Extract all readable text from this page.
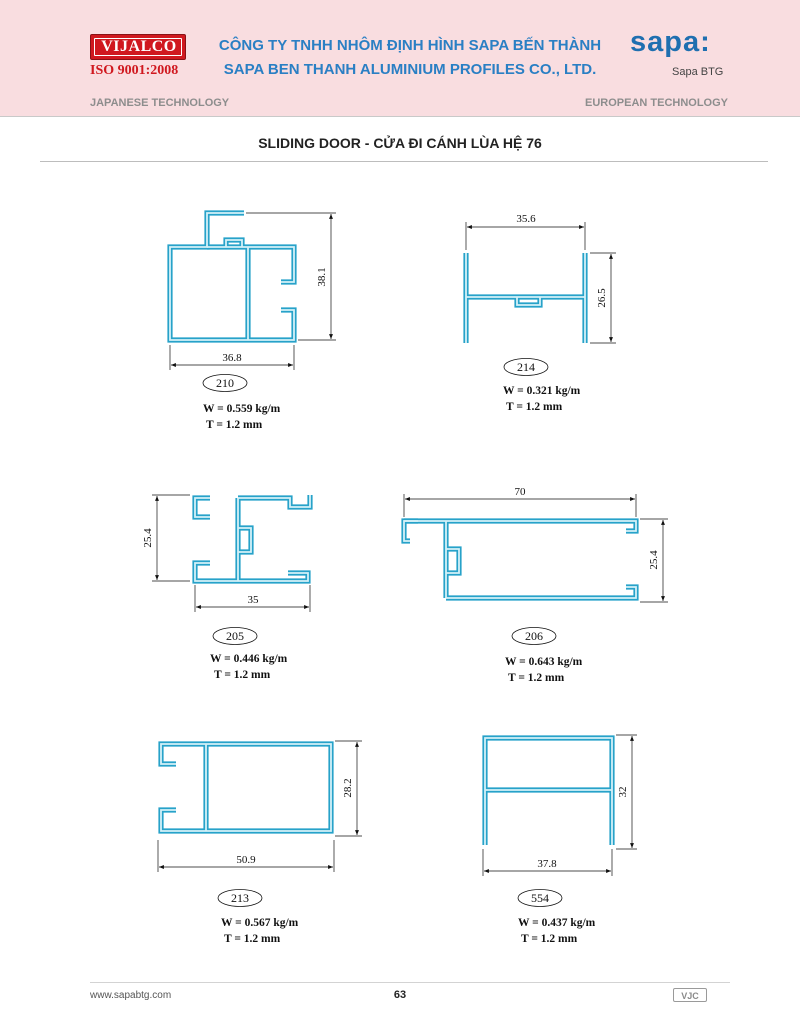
VIJALCO
ISO 9001:2008
CÔNG TY TNHH NHÔM ĐỊNH HÌNH SAPA BẾN THÀNH
SAPA BEN THANH ALUMINIUM PROFILES CO., LTD.
sapa:
Sapa BTG
JAPANESE TECHNOLOGY	EUROPEAN TECHNOLOGY
SLIDING DOOR - CỬA ĐI CÁNH LÙA HỆ 76
36.8
38.1
35.6
26.5
25.4
35
70
25.4
28.2
50.9
32
37.8
210
214
205	206
213	554
W = 0.559 kg/m
T = 1.2 mm
W = 0.321 kg/m
T = 1.2 mm
W = 0.446 kg/m
T = 1.2 mm
W = 0.643 kg/m
T = 1.2 mm
W = 0.567 kg/m
T = 1.2 mm
W = 0.437 kg/m
T = 1.2 mm
www.sapabtg.com	63	VJC
